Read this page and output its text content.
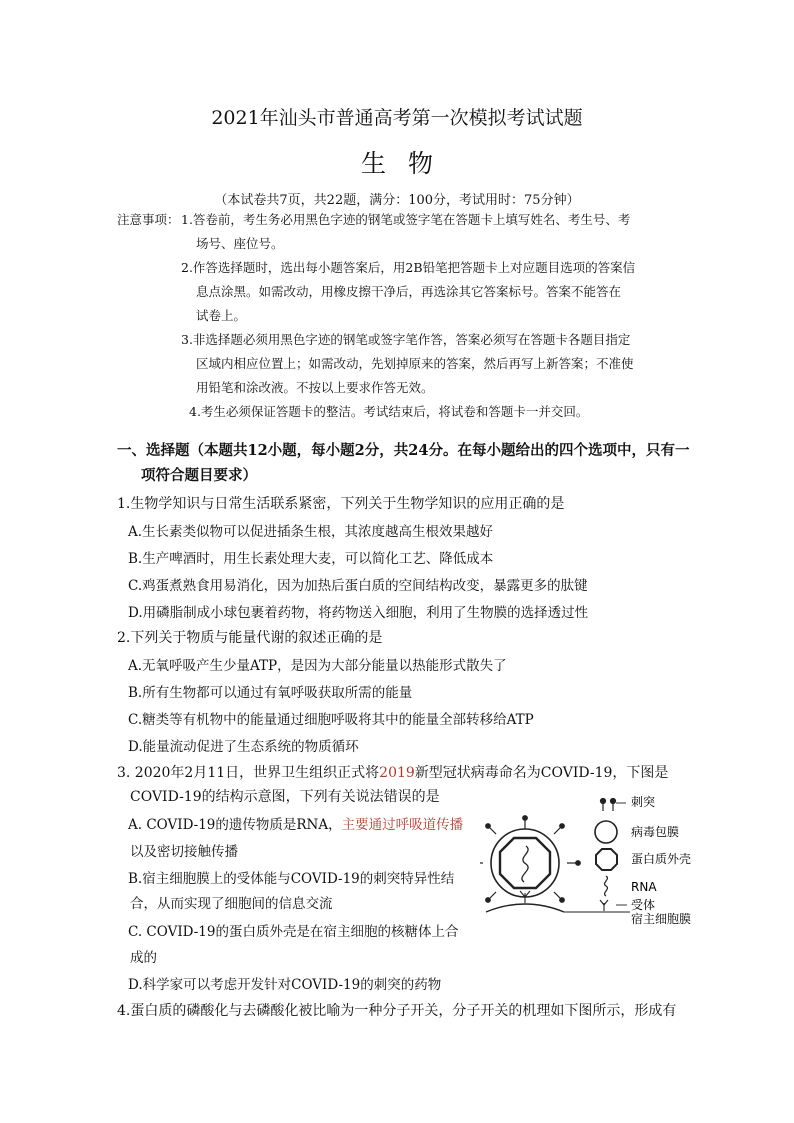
2021年汕头市普通高考第一次模拟考试试题
生物
（本试卷共7页，共22题，满分：100分，考试用时：75分钟）
注意事项： 1.答卷前，考生务必用黑色字迹的钢笔或签字笔在答题卡上填写姓名、考生号、考
场号、座位号。
2.作答选择题时，选出每小题答案后，用2B铅笔把答题卡上对应题目选项的答案信
息点涂黑。如需改动，用橡皮擦干净后，再选涂其它答案标号。答案不能答在
试卷上。
3.非选择题必须用黑色字迹的钢笔或签字笔作答，答案必须写在答题卡各题目指定
区域内相应位置上；如需改动，先划掉原来的答案，然后再写上新答案；不准使
用铅笔和涂改液。不按以上要求作答无效。
4.考生必须保证答题卡的整洁。考试结束后，将试卷和答题卡一并交回。
一、选择题（本题共12小题，每小题2分，共24分。在每小题给出的四个选项中，只有一
项符合题目要求）
1.生物学知识与日常生活联系紧密，下列关于生物学知识的应用正确的是
A.生长素类似物可以促进插条生根，其浓度越高生根效果越好
B.生产啤酒时，用生长素处理大麦，可以简化工艺、降低成本
C.鸡蛋煮熟食用易消化，因为加热后蛋白质的空间结构改变，暴露更多的肽键
D.用磷脂制成小球包裹着药物，将药物送入细胞，利用了生物膜的选择透过性
2.下列关于物质与能量代谢的叙述正确的是
A.无氧呼吸产生少量ATP，是因为大部分能量以热能形式散失了
B.所有生物都可以通过有氧呼吸获取所需的能量
C.糖类等有机物中的能量通过细胞呼吸将其中的能量全部转移给ATP
D.能量流动促进了生态系统的物质循环
3. 2020年2月11日，世界卫生组织正式将2019新型冠状病毒命名为COVID-19，下图是
COVID-19的结构示意图，下列有关说法错误的是
A. COVID-19的遗传物质是RNA，主要通过呼吸道传播
以及密切接触传播
B.宿主细胞膜上的受体能与COVID-19的刺突特异性结
合，从而实现了细胞间的信息交流
C. COVID-19的蛋白质外壳是在宿主细胞的核糖体上合
成的
D.科学家可以考虑开发针对COVID-19的刺突的药物
4.蛋白质的磷酸化与去磷酸化被比喻为一种分子开关，分子开关的机理如下图所示，形成有
刺突
病毒包膜
蛋白质外壳
RNA
受体
宿主细胞膜
